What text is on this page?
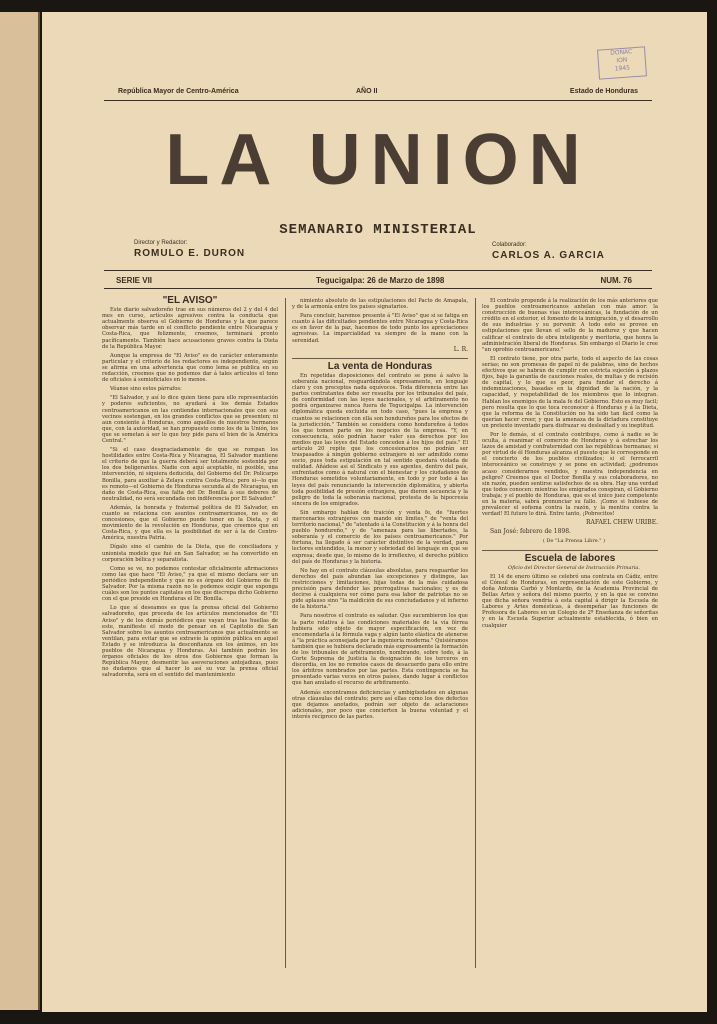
DONAC
ION
1945
República Mayor de Centro-América	AÑO II	Estado de Honduras
LA UNION
SEMANARIO MINISTERIAL
Director y Redactor:
ROMULO E. DURON
Colaborador:
CARLOS A. GARCIA
SERIE VII	Tegucigalpa: 26 de Marzo de 1898	NUM. 76

"EL AVISO"

Este diario salvadoreño trae en sus números del 2 y del 4 del mes en curso, artículos agresivos contra la conducta que actualmente observa el Gobierno de Honduras y la que parece observar más tarde en el conflicto pendiente entre Nicaragua y Costa-Rica, que felizmente, creemos, terminará pronto pacíficamente. También hace acusaciones graves contra la Dieta de la República Mayor.

Aunque la empresa de "El Aviso" es de carácter enteramente particular y el criterio de los redactores es independiente, según se afirma en una advertencia que como lema se publica en su redacción, creemos que no podemos dar á tales artículos el tono de oficiales á semioficiales en lo menos.

Véanse sino estos párrafos:

"El Salvador, y así lo dice quien tiene para ello representación y poderes suficientes, no ayudará á los demás Estados centroamericanos en las contiendas internacionales que con sus vecinos sostengan, en los grandes conflictos que se presenten; ni aun consiente á Honduras, como aquellos de nuestros hermanos que, con la autoridad, se han propuesto como los de la Unión, los que se sometan á ser lo que hoy pide para el bien de la América Central."

"Si el caso desgraciadamente de que se rompan los hostilidades entre Costa-Rica y Nicaragua, El Salvador mantiene el criterio de que la guerra deberá ser totalmente sostenida por los dos beligerantes. Nadie con aquí aceptable, ni posible, una intervención, ni siquiera deducida, del Gobierno del Dr. Policarpo Bonilla, para auxiliar á Zelaya contra Costa-Rica; pero si—lo que es remoto—el Gobierno de Honduras secunda al de Nicaragua, en daño de Costa-Rica, esa falta del Dr. Bonilla á sus deberes de neutralidad, no será secundada con indiferencia por El Salvador."

Además, la honrada y fraternal política de El Salvador, en cuanto se relaciona con asuntos centroamericanos, no es de concesiones, que el Gobierno puede tener en la Dieta, y el movimiento de la revolución en Honduras, que creemos que en Costa-Rica, y que ella es la posibilidad de ser á la de Centro-América, nuestra Patria.

Dígalo sino el cambio de la Dieta, que de conciliadora y unionista modelo que fué en San Salvador, se ha convertido en corporación bélica y separatista.

Como se ve, no podemos contestar oficialmente afirmaciones como las que hace "El Aviso," ya que el mismo declara ser un periódico independiente y que no es órgano del Gobierno de El Salvador. Por la misma razón no le podemos exigir que exponga cuáles son los puntos capitales en los que discrepa dicho Gobierno con el que preside en Honduras el Dr. Bonilla.

Lo que sí deseamos es que la prensa oficial del Gobierno salvadoreño, que proceda de los artículos mencionados de "El Aviso" y de los demás periódicos que vayan tras las huellas de este, manifieste el modo de pensar en el Capitolio de San Salvador sobre los asuntos centroamericanos que actualmente se ventilan, para evitar que se extravíe la opinión pública en aquel Estado y se introduzca la desconfianza en los ánimos, en los pueblos de Nicaragua y Honduras. Así también podrán los órganos oficiales de los otros dos Gobiernos que forman la República Mayor, desmentir las aseveraciones antojadizas, pues no dudamos que al hacer lo así su voz la prensa oficial salvadoreña, será en el sentido del mantenimiento

nimiento absoluto de las estipulaciones del Pacto de Amapala, y de la armonía entre los países signatarios.

Para concluir, haremos presente á "El Aviso" que si se fatiga en cuanto á las dificultades pendientes entre Nicaragua y Costa-Rica es en favor de la paz, hacemos de todo punto los apreciaciones agresivas. La imparcialidad va siempre de la mano con la serenidad.

L. R.

La venta de Honduras

En repetidas disposiciones del contrato se pone á salvo la soberanía nacional, resguardándola expresamente, en lenguaje claro y con preceptos nada equívocos. Toda diferencia entre las partes contratantes debe ser resuelta por los tribunales del país, de conformidad con las leyes nacionales, y el arbitramento no podrá organizarse nunca fuera de Tegucigalpa. La intervención diplomática queda excluida en todo caso, "pues la empresa y cuantos se relacionen con ella son hondureños para los efectos de la jurisdicción." También se considera como hondureños á todos los que tomen parte en los negocios de la empresa. "Y, en consecuencia, sólo podrán hacer valer sus derechos por los medios que las leyes del Estado conceden á los hijos del país." El artículo 20 repite que los concesionarios no podrán ser traspasados á ningún gobierno extranjero ni ser admitido como socio, pues toda estipulación en tal sentido quedará violada de nulidad. Añádese así el Sindicato y sus agentes, dentro del país, enfrentados como á natural con el bienestar y los ciudadanos de Honduras sometidos voluntariamente, en todo y por todo á las leyes del país renunciando la intervención diplomática, y abierta toda posibilidad de presión extranjera, que dieron secuencia y la peligro de toda la soberanía nacional, protesta de la hipocresía sincera de los emigrados.

Sin embargo hablan de traición y venta fe, de "fuertes mercenarios extranjeros con mando sin límites," de "venta del territorio nacional," de "atentado á la Constitución y á la honra del pueblo hondureño," y de "amenaza para las libertades, la soberanía y el comercio de los países centroamericanos." Por fortuna, ha llegado á ser carácter distintivo de la verdad, para lectores entendidos, la menor y sobriedad del lenguaje en que se expresa; desde que, lo mismo de lo irreflexivo, el derecho público del país de Honduras y la historia.

No hay en el contrato cláusulas absolutas, para resguardar los derechos del país abundan las excepciones y distingos, las restricciones y limitaciones, hijas todas de la más cuidadosa precisión para defender las prerrogativas nacionales; y es de decirse á cualquiera ver cómo para esa labor de patriotas no se pide aplauso sino "la maldición de sus conciudadanos y el infierno de la historia."

Para nosotros el contrato es saludar. Que sucumbieron los que la parte relativa á las condiciones materiales de la vía férrea hubiera sido objeto de mayor especificación, en vez de encomendarla á la fórmula vaga y algún tanto elástica de atenerse á "la práctica aconsejada por la ingeniería moderna." Quisiéramos también que se hubiera declarado más expresamente la formación de los tribunales de arbitramento, nombrando, sobre todo, á la Corte Suprema de Justicia la designación de los terceros en discordia, en los no remotos casos de desacuerdo para ello entre los árbitros nombrados por las partes. Esta contingencia se ha presentado varias veces en otros países, dando lugar á conflictos que han anulado el recurso de arbitramento.

Además encontramos deficiencias y ambigüedades en algunas otras cláusulas del contrato; pero así ellas como los dos defectos que dejamos anotados, podrán ser objeto de aclaraciones adicionales, por poco que concierten la buena voluntad y el interés recíproco de las partes.

El contrato propende á la realización de los más anteriores que los pueblos centroamericanos anhelan con más amor: la construcción de buenas vías interoceánicas, la fundación de un crédito en el exterior, el fomento de la inmigración, y el desarrollo de sus industrias y su porvenir. A todo esto se provee en estipulaciones que llevan el sello de la madurez y que hacen calificar el contrato de obra inteligente y meritoria, que honra la administración liberal de Honduras. Sin embargo el Diario le cree "un oprobio centroamericano."

El contrato tiene, por otra parte, todo el aspecto de las cosas serias; no son promesas de papel ni de palabras, sino de hechos efectivos que se habrán de cumplir con estricta sujeción á plazos fijos, bajo la garantía de cauciones reales, de multas y de recisión de capital, y lo que es peor, para fundar el derecho á indemnizaciones, basadas en la dignidad de la nación, y la capacidad, y respetabilidad de los miembros que lo integran. Hablan los enemigos de la mala fe del Gobierno. Esto es muy facil; pero resulta que lo que toca reconocer á Honduras y á la Dieta, que la reforma de la Constitución no ha sido tan fácil como la querían hacer creer, y que la amenaza de la dictadura constituye un pretexto inventado para disfrazar su deslealtad y su ineptitud.

Por lo demás, si el contrato contribuye, como á nadie se le oculta, á reanimar el comercio de Honduras y á estrechar los lazos de amistad y confraternidad con las repúblicas hermanas; si por virtud de él Honduras alcanza el puesto que le corresponde en el concierto de los pueblos civilizados; si el ferrocarril interoceánico se construye y se pone en actividad; ¿podremos acaso considerarnos vendidos, y nuestra independencia en peligro? Creemos que el Doctor Bonilla y sus colaboradores, no sin razón, pueden sentirse satisfechos de su obra. Hay una verdad que todos conocen: mientras los emigrados conspiran, el Gobierno trabaja; y el pueblo de Honduras, que es el único juez competente en la materia, sabrá pronunciar su fallo. ¡Como si hubiese de prevalecer el sofisma contra la razón, y la mentira contra la verdad! El futuro lo dirá. Entre tanto, ¡Pobrecitos!

RAFAEL CHEW URIBE.

San José: febrero de 1898.

( De "La Prensa Libre." )

Escuela de labores

Oficio del Director General de Instrucción Primaria.

El 14 de enero último se celebró una contrata en Cádiz, entre el Cónsul de Honduras, en representación de este Gobierno, y doña Antonia Carbó y Montardo, de la Academia Provincial de Bellas Artes y señora del mismo puerto, y en la que se convino que dicha señora vendría á esta capital á dirigir la Escuela de Labores y Artes domésticas, á desempeñar las funciones de Profesora de Labores en un Colegio de 2ª Enseñanza de señoritas y en la Escuela Superior actualmente establecida, ó bien en cualquier
